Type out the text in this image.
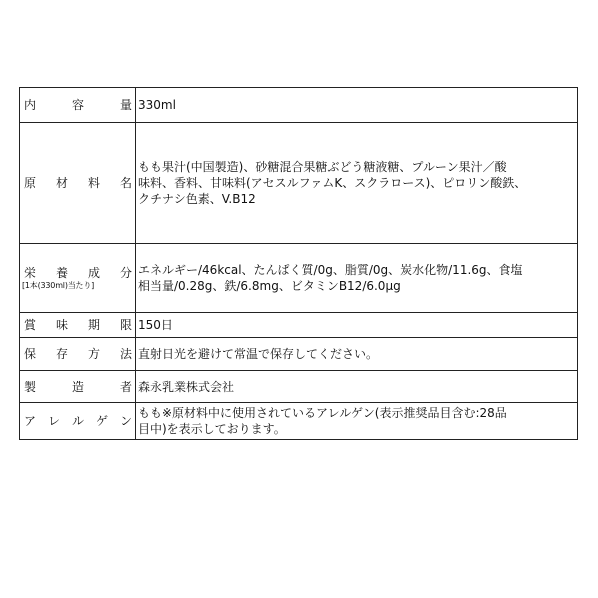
内 容 量	330ml

原 材 料 名	もも果汁(中国製造)、砂糖混合果糖ぶどう糖液糖、プルーン果汁／酸
味料、香料、甘味料(アセスルファムK、スクラロース)、ピロリン酸鉄、
クチナシ色素、V.B12

栄 養 成 分
[1本(330ml)当たり]	エネルギー/46kcal、たんぱく質/0g、脂質/0g、炭水化物/11.6g、食塩
相当量/0.28g、鉄/6.8mg、ビタミンB12/6.0μg

賞 味 期 限	150日

保 存 方 法	直射日光を避けて常温で保存してください。

製 造 者	森永乳業株式会社

ア レ ル ゲ ン	もも※原材料中に使用されているアレルゲン(表示推奨品目含む:28品
目中)を表示しております。
